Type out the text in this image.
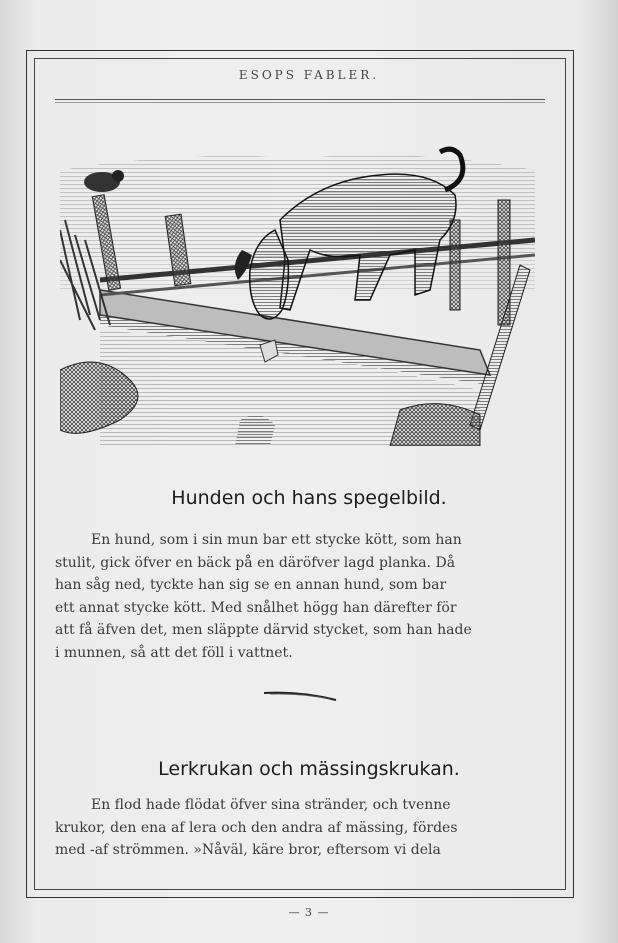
ESOPS FABLER.
Hunden och hans spegelbild.

En hund, som i sin mun bar ett stycke kött, som han

stulit, gick öfver en bäck på en däröfver lagd planka. Då

han såg ned, tyckte han sig se en annan hund, som bar

ett annat stycke kött. Med snålhet högg han därefter för

att få äfven det, men släppte därvid stycket, som han hade

i munnen, så att det föll i vattnet.

Lerkrukan och mässingskrukan.

En flod hade flödat öfver sina stränder, och tvenne

krukor, den ena af lera och den andra af mässing, fördes

med -af strömmen. »Nåväl, käre bror, eftersom vi dela

— 3 —
